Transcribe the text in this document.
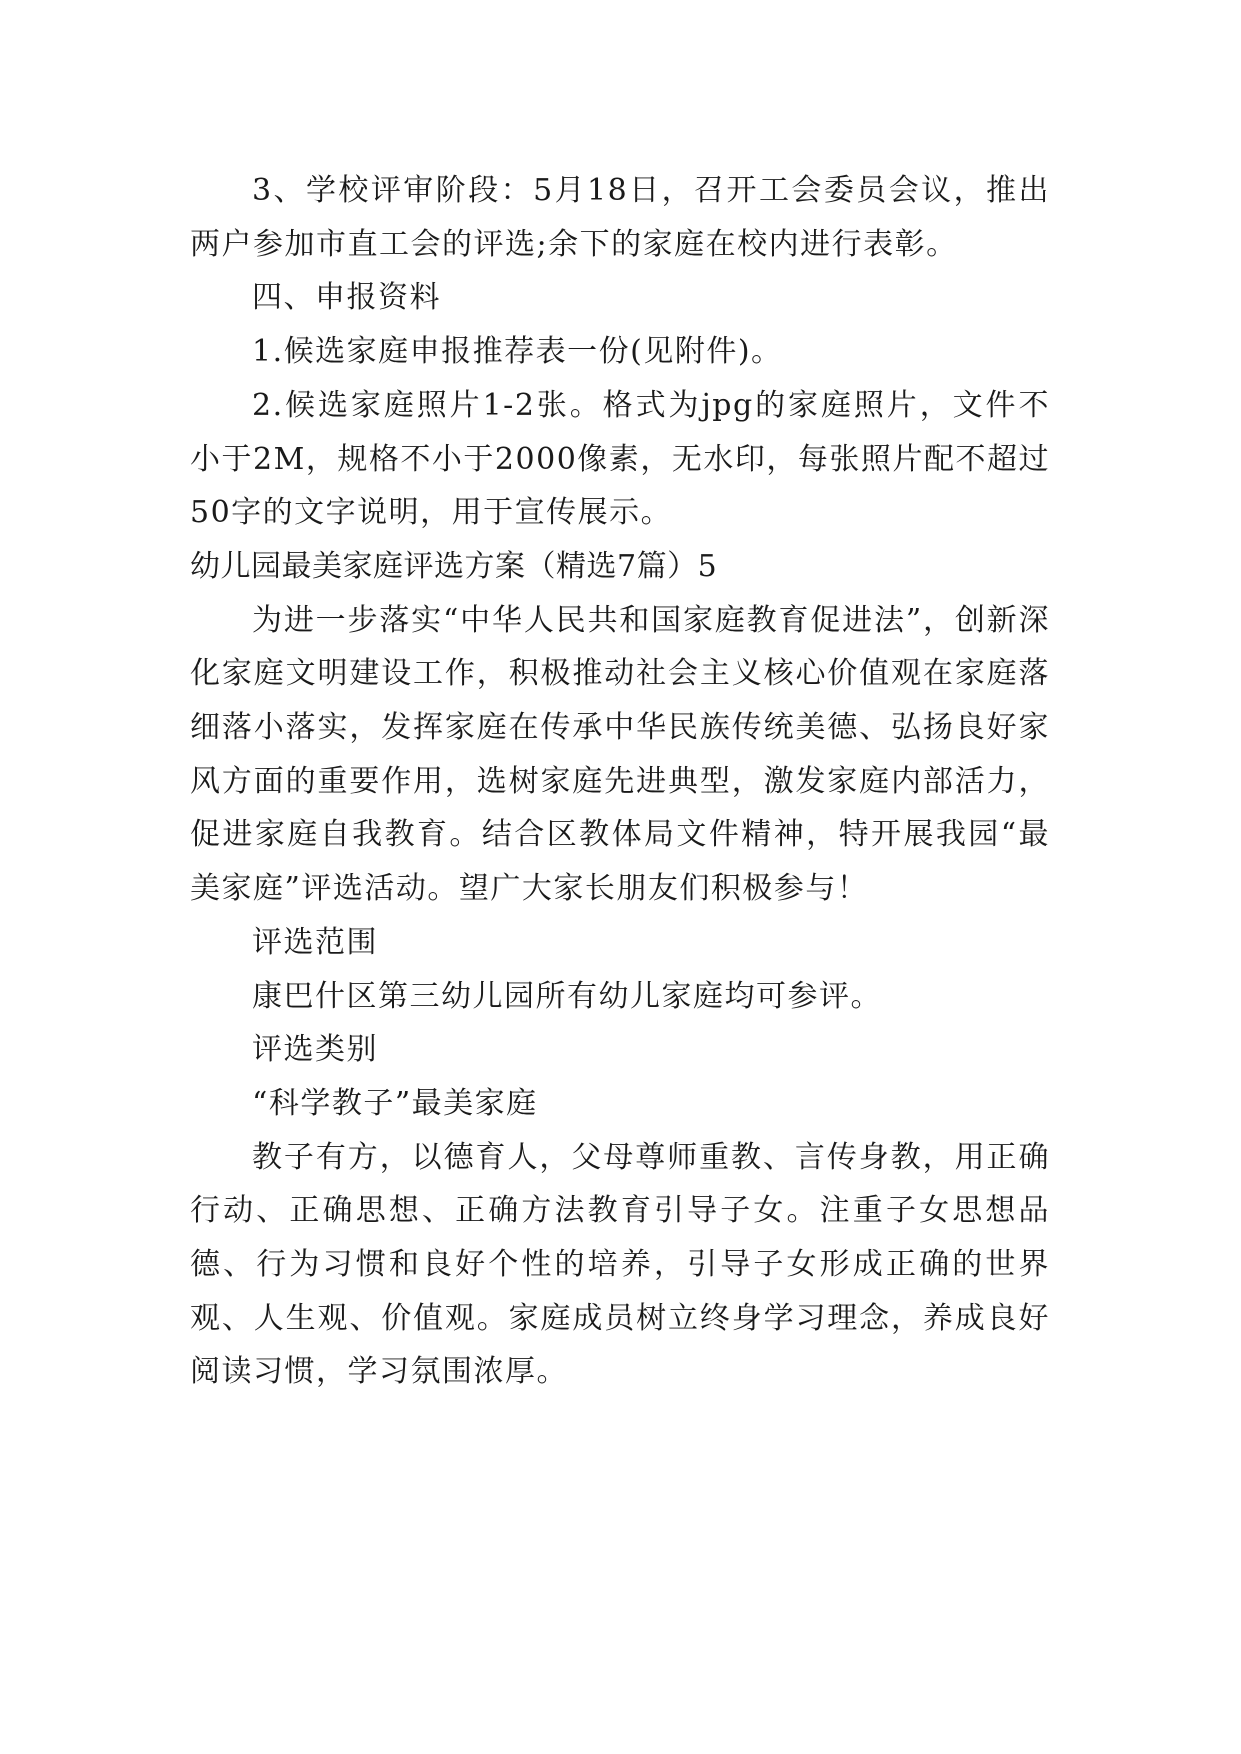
3、学校评审阶段：5月18日，召开工会委员会议，推出两户参加市直工会的评选;余下的家庭在校内进行表彰。

四、申报资料

1.候选家庭申报推荐表一份(见附件)。

2.候选家庭照片1-2张。格式为jpg的家庭照片，文件不小于2M，规格不小于2000像素，无水印，每张照片配不超过50字的文字说明，用于宣传展示。

幼儿园最美家庭评选方案（精选7篇）5

为进一步落实“中华人民共和国家庭教育促进法”，创新深化家庭文明建设工作，积极推动社会主义核心价值观在家庭落细落小落实，发挥家庭在传承中华民族传统美德、弘扬良好家风方面的重要作用，选树家庭先进典型，激发家庭内部活力，促进家庭自我教育。结合区教体局文件精神，特开展我园“最美家庭”评选活动。望广大家长朋友们积极参与！

评选范围

康巴什区第三幼儿园所有幼儿家庭均可参评。

评选类别

“科学教子”最美家庭

教子有方，以德育人，父母尊师重教、言传身教，用正确行动、正确思想、正确方法教育引导子女。注重子女思想品德、行为习惯和良好个性的培养，引导子女形成正确的世界观、人生观、价值观。家庭成员树立终身学习理念，养成良好阅读习惯，学习氛围浓厚。
